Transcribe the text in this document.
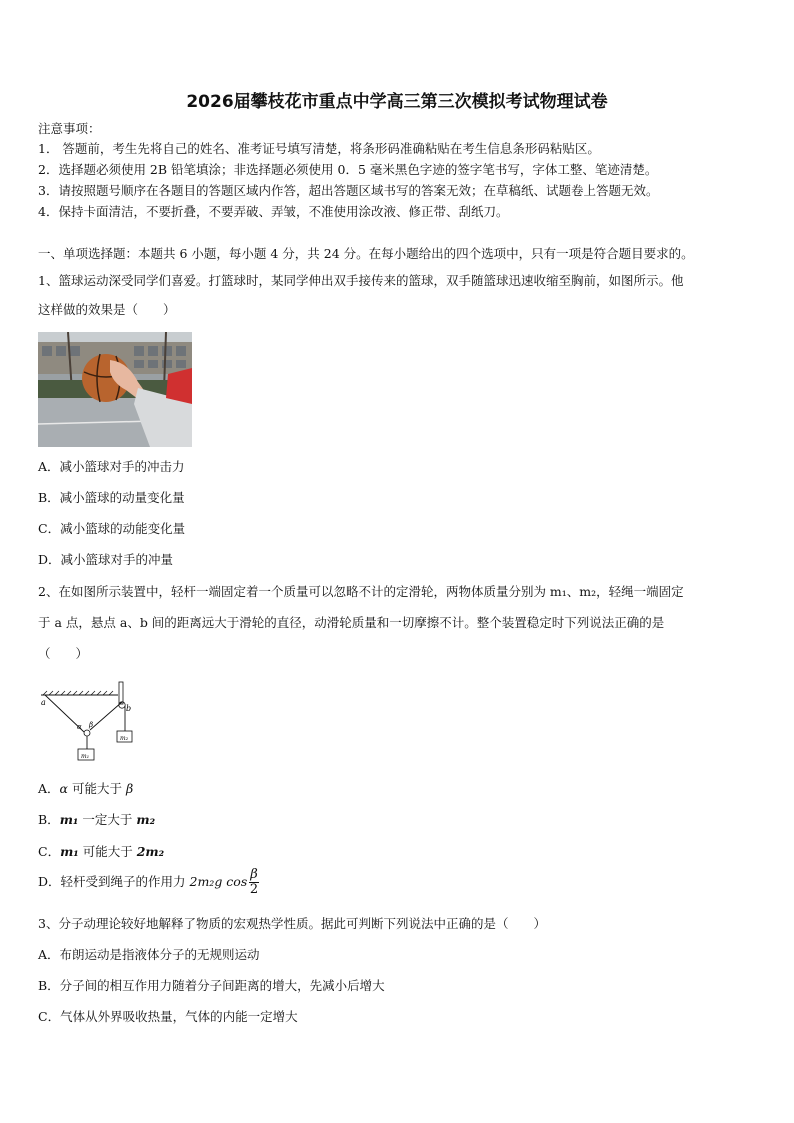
2026届攀枝花市重点中学高三第三次模拟考试物理试卷
注意事项：
1． 答题前，考生先将自己的姓名、准考证号填写清楚，将条形码准确粘贴在考生信息条形码粘贴区。
2．选择题必须使用 2B 铅笔填涂；非选择题必须使用 0．5 毫米黑色字迹的签字笔书写，字体工整、笔迹清楚。
3．请按照题号顺序在各题目的答题区域内作答，超出答题区域书写的答案无效；在草稿纸、试题卷上答题无效。
4．保持卡面清洁，不要折叠，不要弄破、弄皱，不准使用涂改液、修正带、刮纸刀。
一、单项选择题：本题共 6 小题，每小题 4 分，共 24 分。在每小题给出的四个选项中，只有一项是符合题目要求的。
1、篮球运动深受同学们喜爱。打篮球时，某同学伸出双手接传来的篮球，双手随篮球迅速收缩至胸前，如图所示。他
这样做的效果是（　　）
A．减小篮球对手的冲击力
B．减小篮球的动量变化量
C．减小篮球的动能变化量
D．减小篮球对手的冲量
2、在如图所示装置中，轻杆一端固定着一个质量可以忽略不计的定滑轮，两物体质量分别为 m₁、m₂，轻绳一端固定
于 a 点，悬点 a、b 间的距离远大于滑轮的直径，动滑轮质量和一切摩擦不计。整个装置稳定时下列说法正确的是
（　　）
a
b
α β
m₁
m₂
A．α 可能大于 β
B．m₁ 一定大于 m₂
C．m₁ 可能大于 2m₂
D．轻杆受到绳子的作用力 2m₂g $\cos \frac{\beta}{2}$
3、分子动理论较好地解释了物质的宏观热学性质。据此可判断下列说法中正确的是（　　）
A．布朗运动是指液体分子的无规则运动
B．分子间的相互作用力随着分子间距离的增大，先减小后增大
C．气体从外界吸收热量，气体的内能一定增大
